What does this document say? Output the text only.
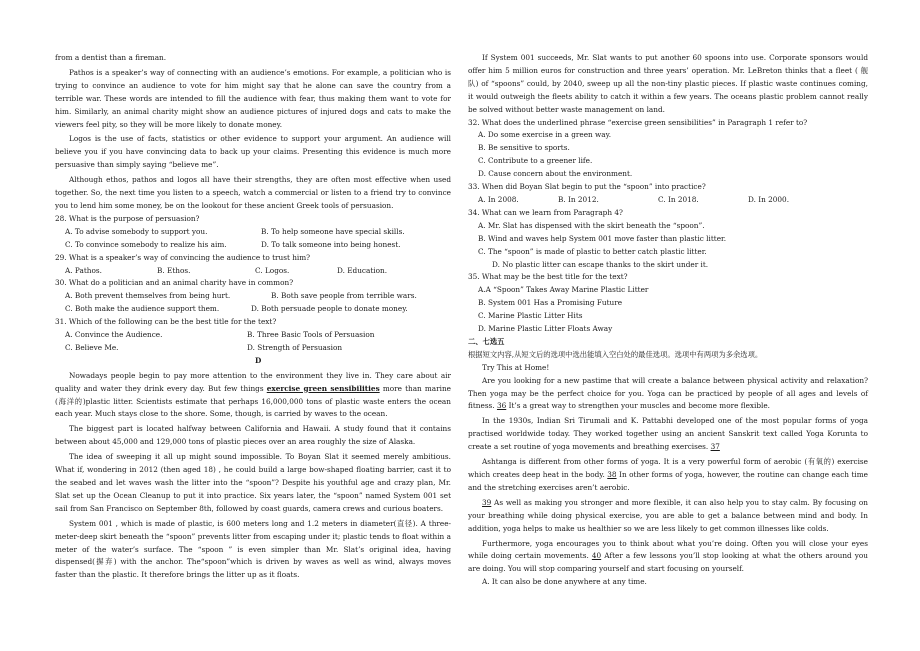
from a dentist than a fireman.

Pathos is a speaker’s way of connecting with an audience’s emotions. For example, a politician who is trying to convince an audience to vote for him might say that he alone can save the country from a terrible war. These words are intended to fill the audience with fear, thus making them want to vote for him. Similarly, an animal charity might show an audience pictures of injured dogs and cats to make the viewers feel pity, so they will be more likely to donate money.

Logos is the use of facts, statistics or other evidence to support your argument. An audience will believe you if you have convincing data to back up your claims. Presenting this evidence is much more persuasive than simply saying “believe me”.

Although ethos, pathos and logos all have their strengths, they are often most effective when used together. So, the next time you listen to a speech, watch a commercial or listen to a friend try to convince you to lend him some money, be on the lookout for these ancient Greek tools of persuasion.

28. What is the purpose of persuasion?

A. To advise somebody to support you.	B. To help someone have special skills.
C. To convince somebody to realize his aim.	D. To talk someone into being honest.

29. What is a speaker’s way of convincing the audience to trust him?

A. Pathos.	B. Ethos.	C. Logos.	D. Education.

30. What do a politician and an animal charity have in common?

A. Both prevent themselves from being hurt.	B. Both save people from terrible wars.
C. Both make the audience support them.	D. Both persuade people to donate money.

31. Which of the following can be the best title for the text?

A. Convince the Audience.	B. Three Basic Tools of Persuasion
C. Believe Me.	D. Strength of Persuasion

D

Nowadays people begin to pay more attention to the environment they live in. They care about air quality and water they drink every day. But few things exercise green sensibilities more than marine (海洋的)plastic litter. Scientists estimate that perhaps 16,000,000 tons of plastic waste enters the ocean each year. Much stays close to the shore. Some, though, is carried by waves to the ocean.

The biggest part is located halfway between California and Hawaii. A study found that it contains between about 45,000 and 129,000 tons of plastic pieces over an area roughly the size of Alaska.

The idea of sweeping it all up might sound impossible. To Boyan Slat it seemed merely ambitious. What if, wondering in 2012 (then aged 18) , he could build a large bow-shaped floating barrier, cast it to the seabed and let waves wash the litter into the “spoon”? Despite his youthful age and crazy plan, Mr. Slat set up the Ocean Cleanup to put it into practice. Six years later, the “spoon” named System 001 set sail from San Francisco on September 8th, followed by coast guards, camera crews and curious boaters.

System 001 , which is made of plastic, is 600 meters long and 1.2 meters in diameter(直径). A three-meter-deep skirt beneath the “spoon” prevents litter from escaping under it; plastic tends to float within a meter of the water’s surface. The “spoon ” is even simpler than Mr. Slat’s original idea, having dispensed(摒弃) with the anchor. The“spoon”which is driven by waves as well as wind, always moves faster than the plastic. It therefore brings the litter up as it floats.

If System 001 succeeds, Mr. Slat wants to put another 60 spoons into use. Corporate sponsors would offer him 5 million euros for construction and three years’ operation. Mr. LeBreton thinks that a fleet ( 舰队) of “spoons” could, by 2040, sweep up all the non-tiny plastic pieces. If plastic waste continues coming, it would outweigh the fleets ability to catch it within a few years. The oceans plastic problem cannot really be solved without better waste management on land.

32. What does the underlined phrase “exercise green sensibilities” in Paragraph 1 refer to?

A. Do some exercise in a green way.

B. Be sensitive to sports.

C. Contribute to a greener life.

D. Cause concern about the environment.

33. When did Boyan Slat begin to put the “spoon” into practice?

A. In 2008.	B. In 2012.	C. In 2018.	D. In 2000.

34. What can we learn from Paragraph 4?

A. Mr. Slat has dispensed with the skirt beneath the “spoon”.

B. Wind and waves help System 001 move faster than plastic litter.

C. The “spoon” is made of plastic to better catch plastic litter.

D. No plastic litter can escape thanks to the skirt under it.

35. What may be the best title for the text?

A.A “Spoon” Takes Away Marine Plastic Litter

B. System 001 Has a Promising Future

C. Marine Plastic Litter Hits

D. Marine Plastic Litter Floats Away

二、七选五

根据短文内容,从短文后的选项中选出能填入空白处的最佳选项。选项中有两项为多余选项。

Try This at Home!

Are you looking for a new pastime that will create a balance between physical activity and relaxation? Then yoga may be the perfect choice for you. Yoga can be practiced by people of all ages and levels of fitness. 36 It’s a great way to strengthen your muscles and become more flexible.

In the 1930s, Indian Sri Tirumali and K. Pattabhi developed one of the most popular forms of yoga practised worldwide today. They worked together using an ancient Sanskrit text called Yoga Korunta to create a set routine of yoga movements and breathing exercises. 37

Ashtanga is different from other forms of yoga. It is a very powerful form of aerobic (有氧的) exercise which creates deep heat in the body. 38 In other forms of yoga, however, the routine can change each time and the stretching exercises aren’t aerobic.

39 As well as making you stronger and more flexible, it can also help you to stay calm. By focusing on your breathing while doing physical exercise, you are able to get a balance between mind and body. In addition, yoga helps to make us healthier so we are less likely to get common illnesses like colds.

Furthermore, yoga encourages you to think about what you’re doing. Often you will close your eyes while doing certain movements. 40 After a few lessons you’ll stop looking at what the others around you are doing. You will stop comparing yourself and start focusing on yourself.

A. It can also be done anywhere at any time.
